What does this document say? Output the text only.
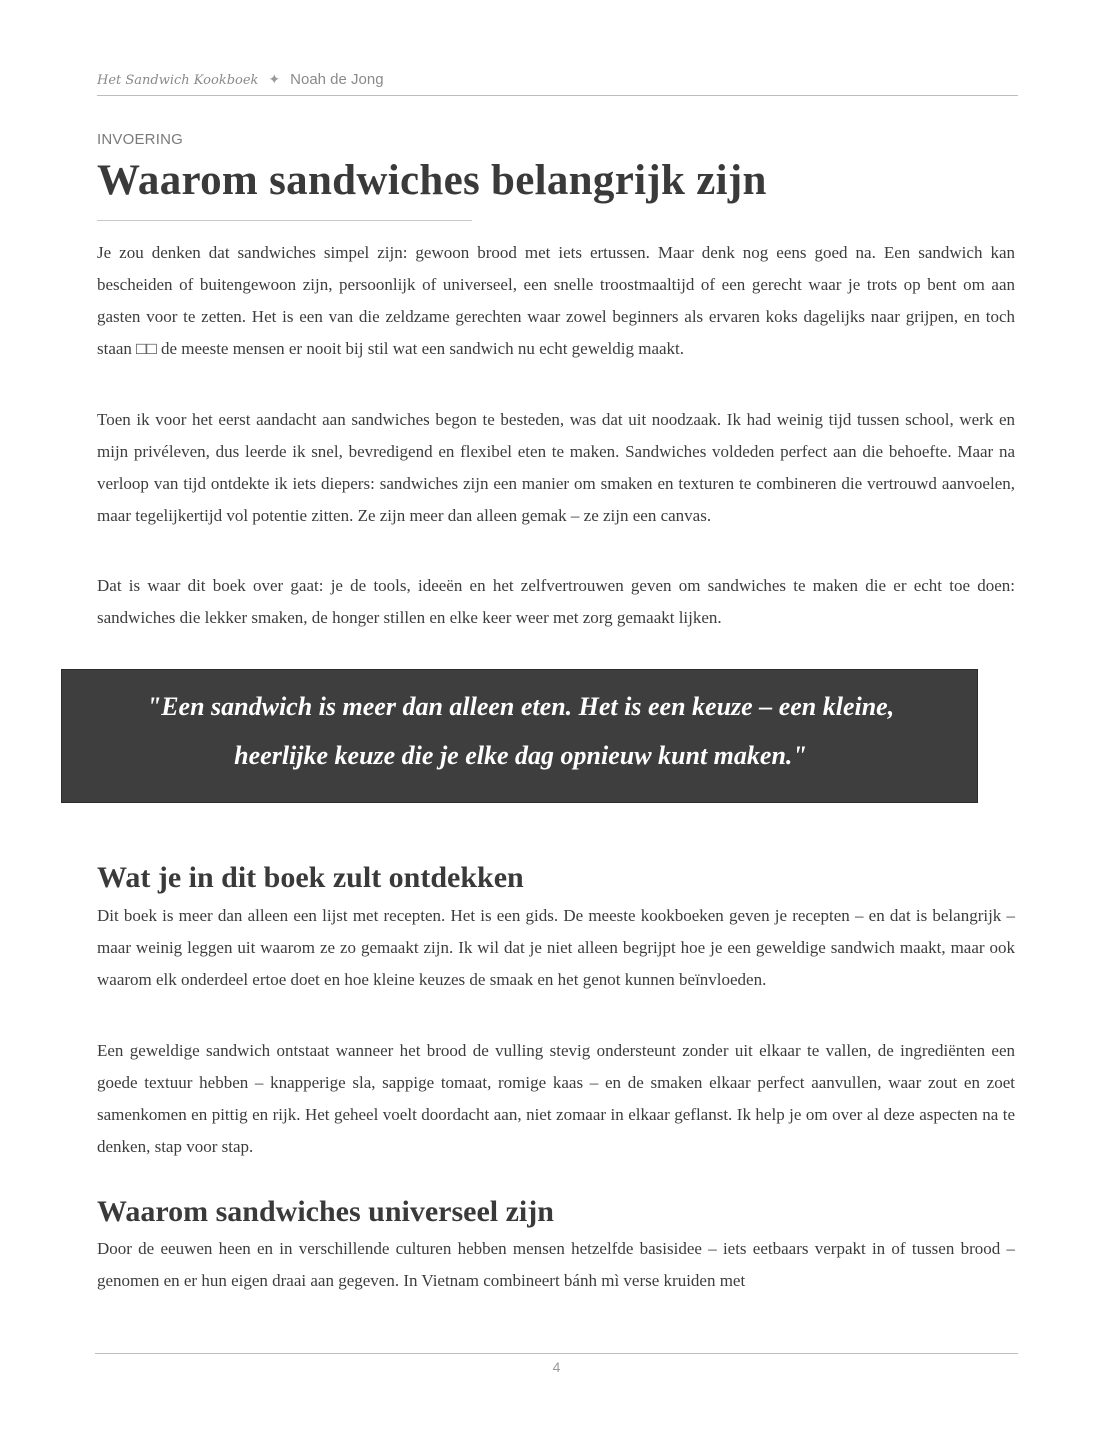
Het Sandwich Kookboek ✦ Noah de Jong
INVOERING
Waarom sandwiches belangrijk zijn

Je zou denken dat sandwiches simpel zijn: gewoon brood met iets ertussen. Maar denk nog eens goed na. Een sandwich kan bescheiden of buitengewoon zijn, persoonlijk of universeel, een snelle troostmaaltijd of een gerecht waar je trots op bent om aan gasten voor te zetten. Het is een van die zeldzame gerechten waar zowel beginners als ervaren koks dagelijks naar grijpen, en toch staan □□ de meeste mensen er nooit bij stil wat een sandwich nu echt geweldig maakt.

Toen ik voor het eerst aandacht aan sandwiches begon te besteden, was dat uit noodzaak. Ik had weinig tijd tussen school, werk en mijn privéleven, dus leerde ik snel, bevredigend en flexibel eten te maken. Sandwiches voldeden perfect aan die behoefte. Maar na verloop van tijd ontdekte ik iets diepers: sandwiches zijn een manier om smaken en texturen te combineren die vertrouwd aanvoelen, maar tegelijkertijd vol potentie zitten. Ze zijn meer dan alleen gemak – ze zijn een canvas.

Dat is waar dit boek over gaat: je de tools, ideeën en het zelfvertrouwen geven om sandwiches te maken die er echt toe doen: sandwiches die lekker smaken, de honger stillen en elke keer weer met zorg gemaakt lijken.

"Een sandwich is meer dan alleen eten. Het is een keuze – een kleine,
heerlijke keuze die je elke dag opnieuw kunt maken."

Wat je in dit boek zult ontdekken

Dit boek is meer dan alleen een lijst met recepten. Het is een gids. De meeste kookboeken geven je recepten – en dat is belangrijk – maar weinig leggen uit waarom ze zo gemaakt zijn. Ik wil dat je niet alleen begrijpt hoe je een geweldige sandwich maakt, maar ook waarom elk onderdeel ertoe doet en hoe kleine keuzes de smaak en het genot kunnen beïnvloeden.

Een geweldige sandwich ontstaat wanneer het brood de vulling stevig ondersteunt zonder uit elkaar te vallen, de ingrediënten een goede textuur hebben – knapperige sla, sappige tomaat, romige kaas – en de smaken elkaar perfect aanvullen, waar zout en zoet samenkomen en pittig en rijk. Het geheel voelt doordacht aan, niet zomaar in elkaar geflanst. Ik help je om over al deze aspecten na te denken, stap voor stap.

Waarom sandwiches universeel zijn

Door de eeuwen heen en in verschillende culturen hebben mensen hetzelfde basisidee – iets eetbaars verpakt in of tussen brood – genomen en er hun eigen draai aan gegeven. In Vietnam combineert bánh mì verse kruiden met

4
